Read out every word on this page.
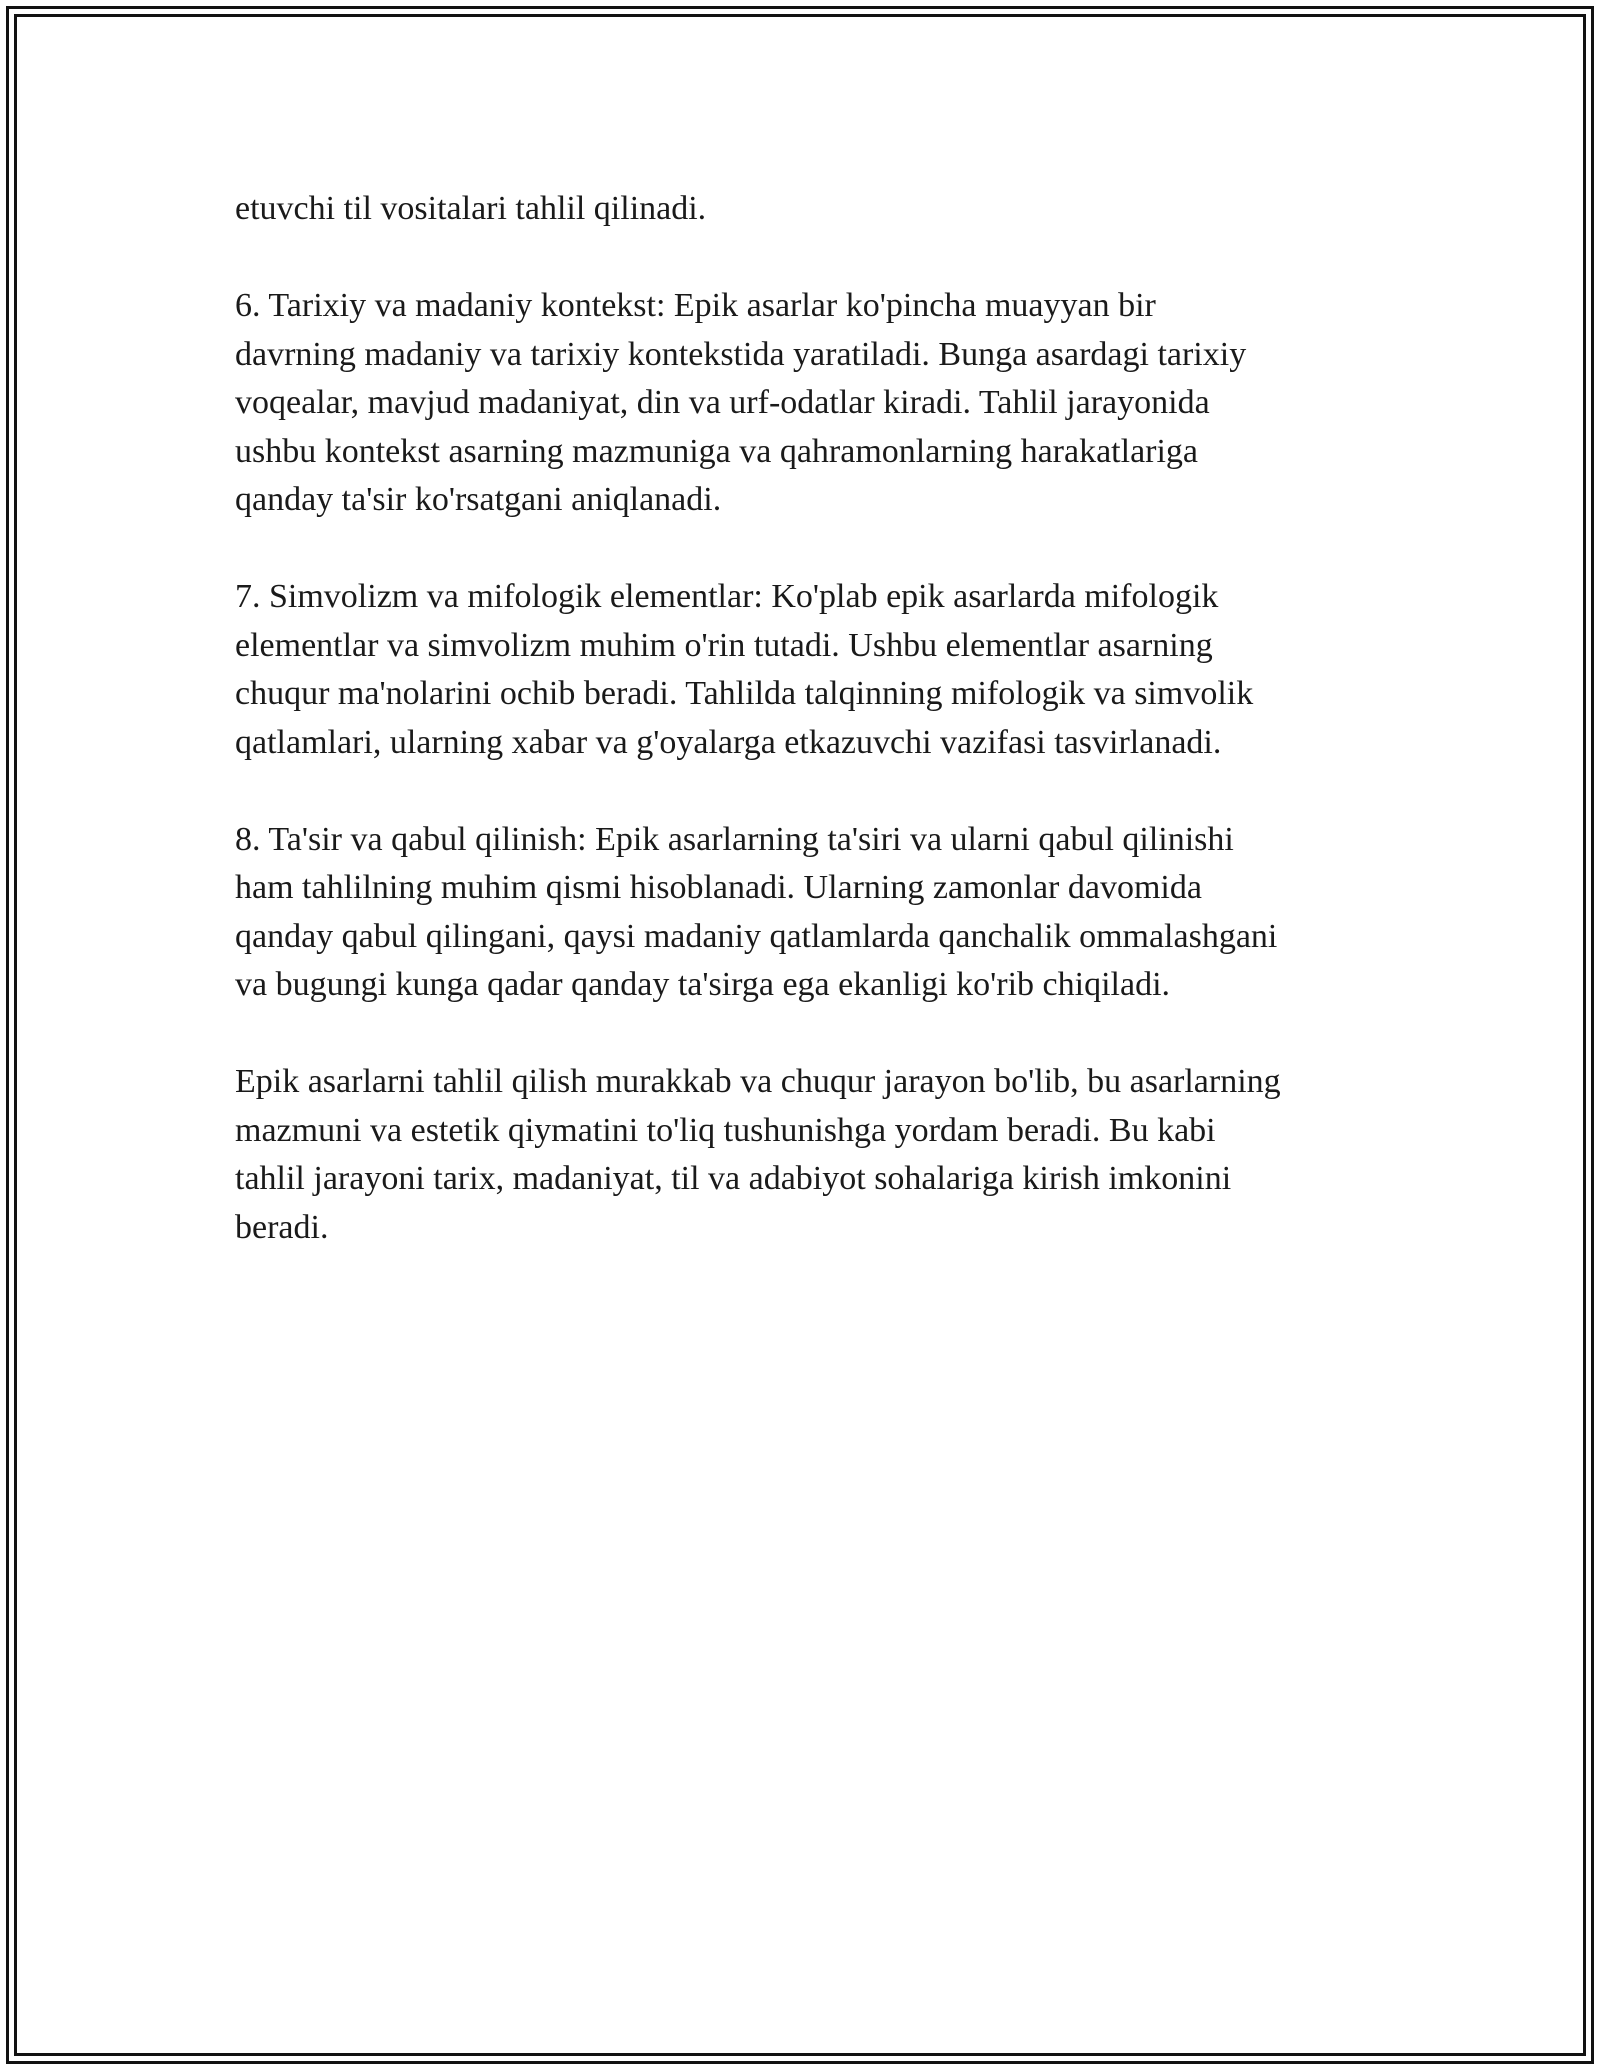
etuvchi til vositalari tahlil qilinadi.
6. Tarixiy va madaniy kontekst: Epik asarlar ko'pincha muayyan bir
davrning madaniy va tarixiy kontekstida yaratiladi. Bunga asardagi tarixiy
voqealar, mavjud madaniyat, din va urf-odatlar kiradi. Tahlil jarayonida
ushbu kontekst asarning mazmuniga va qahramonlarning harakatlariga
qanday ta'sir ko'rsatgani aniqlanadi.
7. Simvolizm va mifologik elementlar: Ko'plab epik asarlarda mifologik
elementlar va simvolizm muhim o'rin tutadi. Ushbu elementlar asarning
chuqur ma'nolarini ochib beradi. Tahlilda talqinning mifologik va simvolik
qatlamlari, ularning xabar va g'oyalarga etkazuvchi vazifasi tasvirlanadi.
8. Ta'sir va qabul qilinish: Epik asarlarning ta'siri va ularni qabul qilinishi
ham tahlilning muhim qismi hisoblanadi. Ularning zamonlar davomida
qanday qabul qilingani, qaysi madaniy qatlamlarda qanchalik ommalashgani
va bugungi kunga qadar qanday ta'sirga ega ekanligi ko'rib chiqiladi.
Epik asarlarni tahlil qilish murakkab va chuqur jarayon bo'lib, bu asarlarning
mazmuni va estetik qiymatini to'liq tushunishga yordam beradi. Bu kabi
tahlil jarayoni tarix, madaniyat, til va adabiyot sohalariga kirish imkonini
beradi.
